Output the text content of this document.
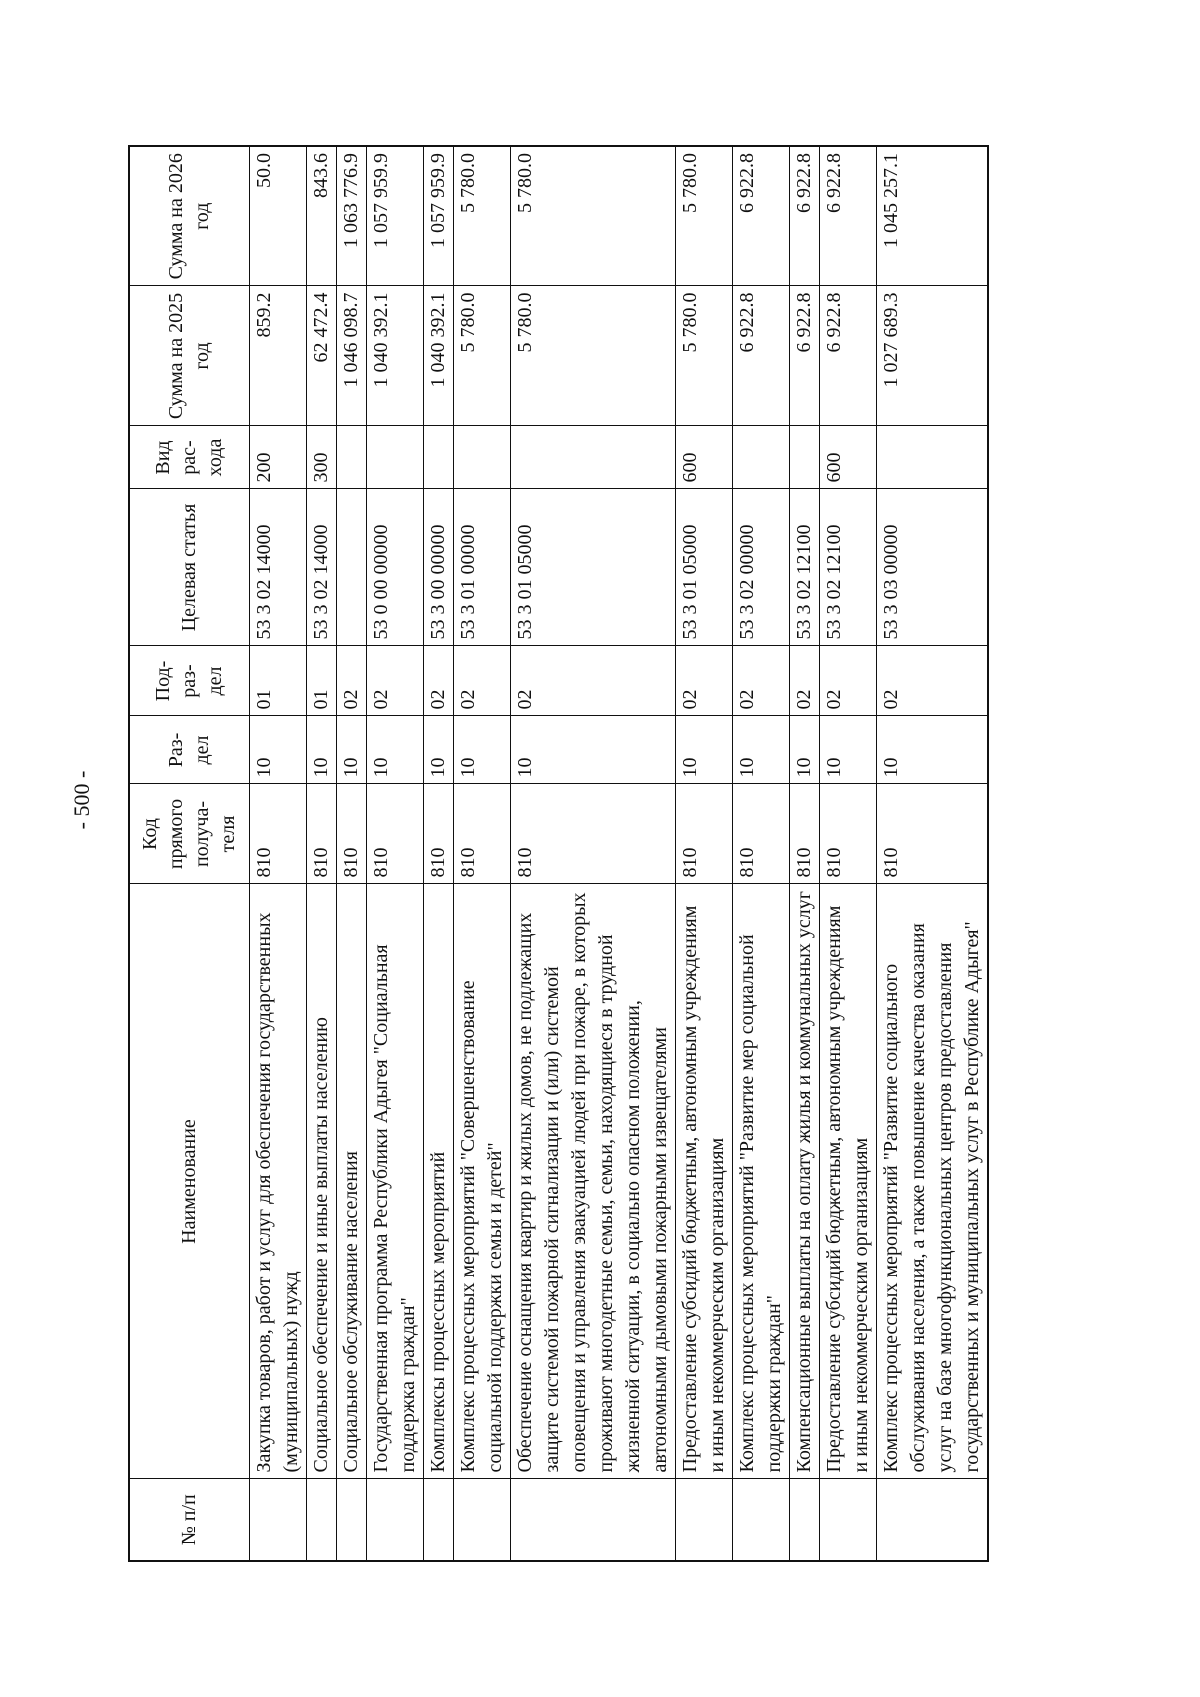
- 500 -
№ п/п	Наименование	Код прямого получа-теля	Раз-дел	Под-раз-дел	Целевая статья	Вид рас-хода	Сумма на 2025 год	Сумма на 2026 год
	Закупка товаров, работ и услуг для обеспечения государственных (муниципальных) нужд	810	10	01	53 3 02 14000	200	859.2	50.0
	Социальное обеспечение и иные выплаты населению	810	10	01	53 3 02 14000	300	62 472.4	843.6
	Социальное обслуживание населения	810	10	02			1 046 098.7	1 063 776.9
	Государственная программа Республики Адыгея "Социальная поддержка граждан"	810	10	02	53 0 00 00000		1 040 392.1	1 057 959.9
	Комплексы процессных мероприятий	810	10	02	53 3 00 00000		1 040 392.1	1 057 959.9
	Комплекс процессных мероприятий "Совершенствование социальной поддержки семьи и детей"	810	10	02	53 3 01 00000		5 780.0	5 780.0
	Обеспечение оснащения квартир и жилых домов, не подлежащих защите системой пожарной сигнализации и (или) системой оповещения и управления эвакуацией людей при пожаре, в которых проживают многодетные семьи, семьи, находящиеся в трудной жизненной ситуации, в социально опасном положении, автономными дымовыми пожарными извещателями	810	10	02	53 3 01 05000		5 780.0	5 780.0
	Предоставление субсидий бюджетным, автономным учреждениям и иным некоммерческим организациям	810	10	02	53 3 01 05000	600	5 780.0	5 780.0
	Комплекс процессных мероприятий "Развитие мер социальной поддержки граждан"	810	10	02	53 3 02 00000		6 922.8	6 922.8
	Компенсационные выплаты на оплату жилья и коммунальных услуг	810	10	02	53 3 02 12100		6 922.8	6 922.8
	Предоставление субсидий бюджетным, автономным учреждениям и иным некоммерческим организациям	810	10	02	53 3 02 12100	600	6 922.8	6 922.8
	Комплекс процессных мероприятий "Развитие социального обслуживания населения, а также повышение качества оказания услуг на базе многофункциональных центров предоставления государственных и муниципальных услуг в Республике Адыгея"	810	10	02	53 3 03 00000		1 027 689.3	1 045 257.1
